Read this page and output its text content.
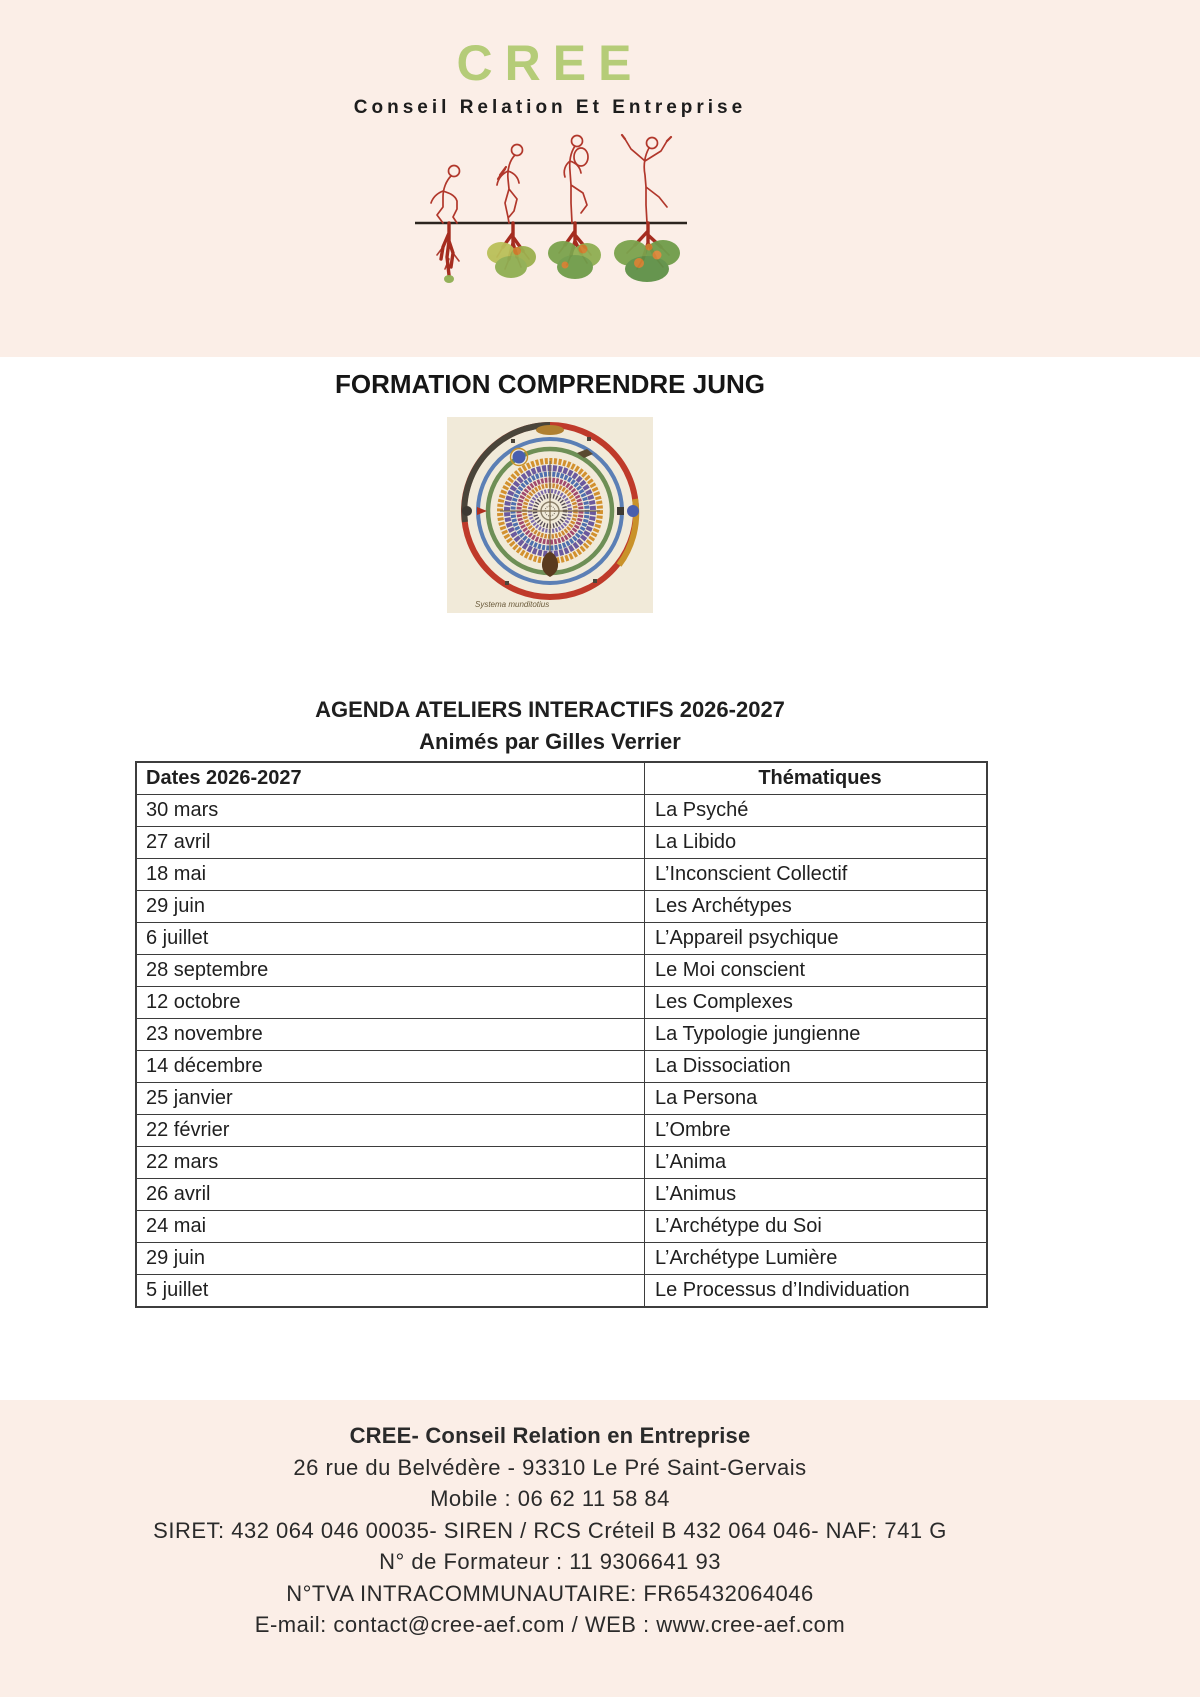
CREE
Conseil Relation Et Entreprise
FORMATION COMPRENDRE JUNG
Systema munditotius
AGENDA ATELIERS INTERACTIFS 2026-2027
Animés par Gilles Verrier
Dates 2026-2027	Thématiques
30 mars	La Psyché
27 avril	La Libido
18 mai	L’Inconscient Collectif
29 juin	Les Archétypes
6 juillet	L’Appareil psychique
28 septembre	Le Moi conscient
12 octobre	Les Complexes
23 novembre	La Typologie jungienne
14 décembre	La Dissociation
25 janvier	La Persona
22 février	L’Ombre
22 mars	L’Anima
26 avril	L’Animus
24 mai	L’Archétype du Soi
29 juin	L’Archétype Lumière
5 juillet	Le Processus d’Individuation
CREE- Conseil Relation en Entreprise
26 rue du Belvédère - 93310 Le Pré Saint-Gervais
Mobile : 06 62 11 58 84
SIRET: 432 064 046 00035- SIREN / RCS Créteil B 432 064 046- NAF: 741 G
N° de Formateur : 11 9306641 93
N°TVA INTRACOMMUNAUTAIRE: FR65432064046
E-mail: contact@cree-aef.com / WEB : www.cree-aef.com
